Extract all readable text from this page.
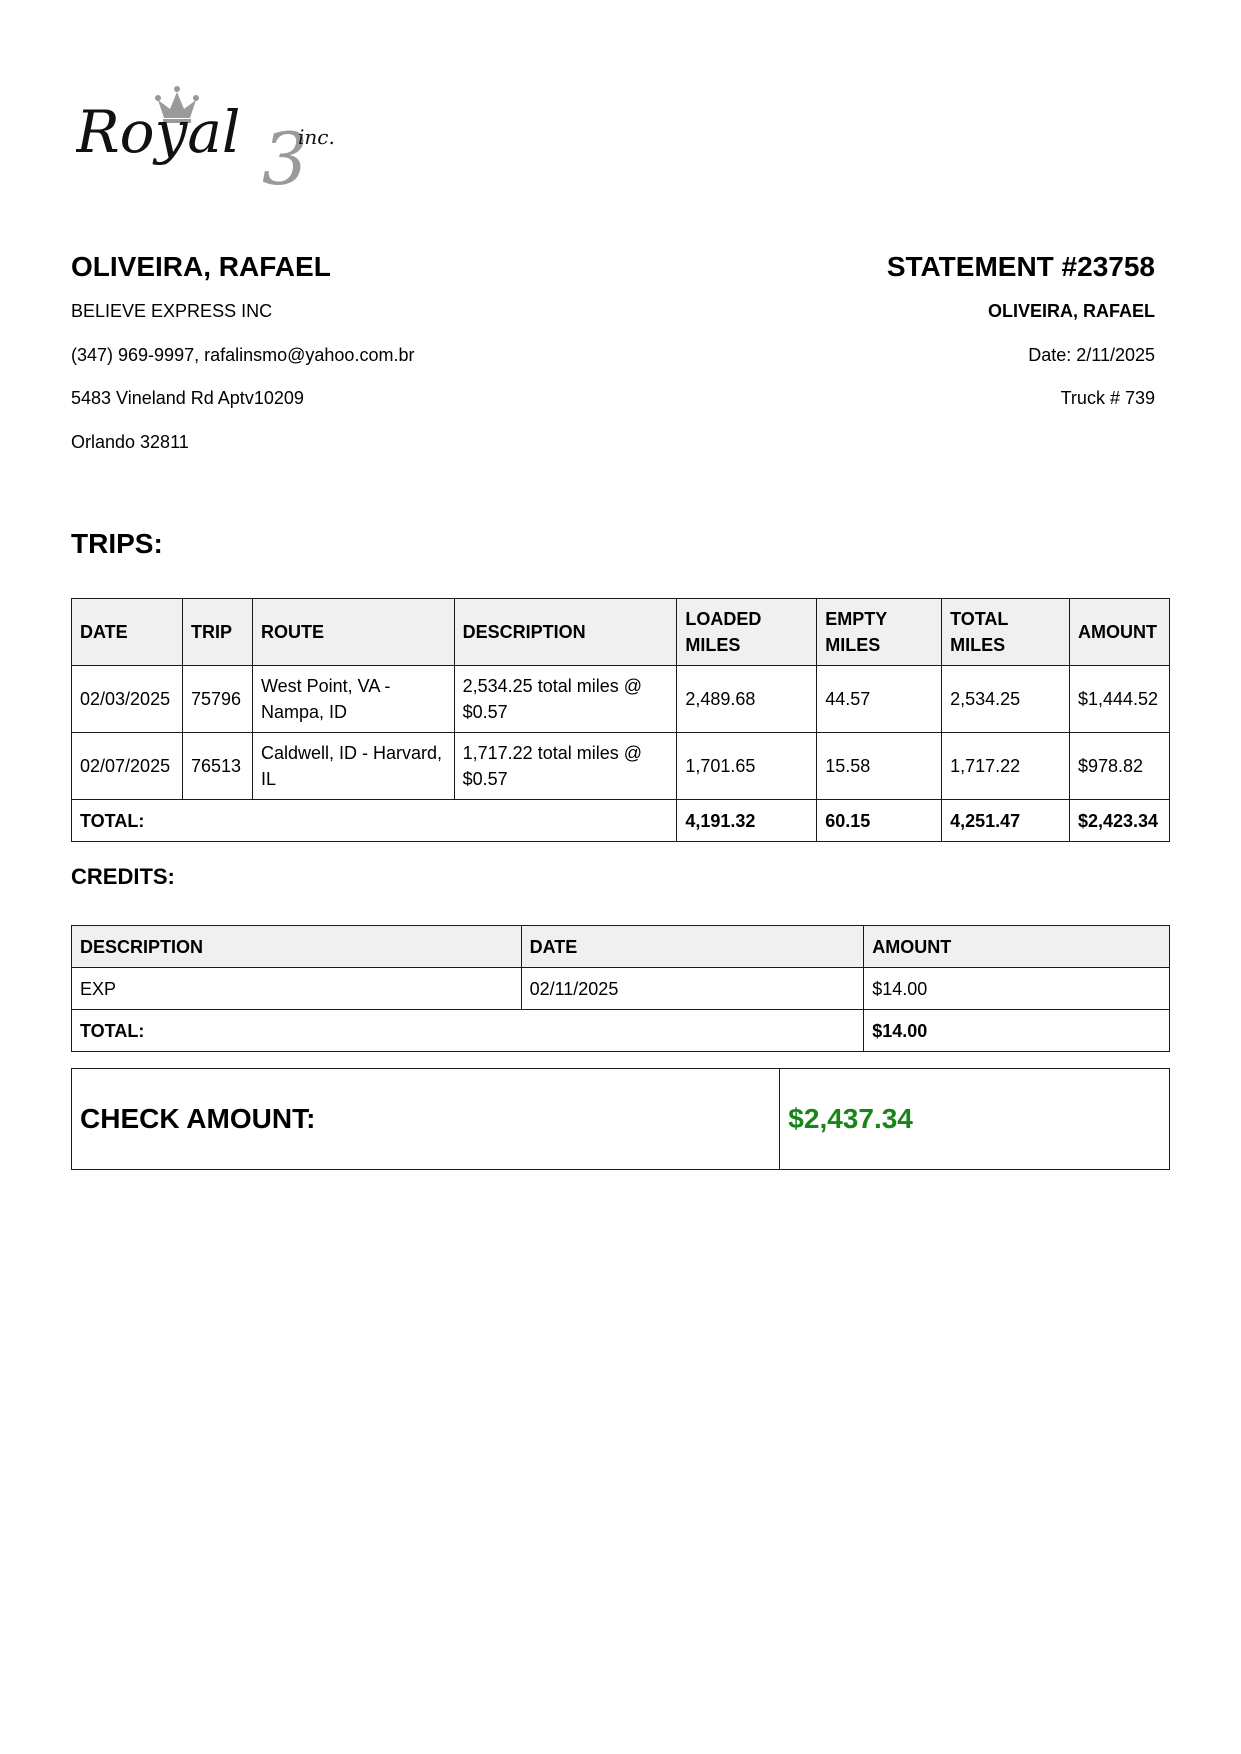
3
Royal	inc.
OLIVEIRA, RAFAEL
BELIEVE EXPRESS INC
(347) 969-9997, rafalinsmo@yahoo.com.br
5483 Vineland Rd Aptv10209
Orlando 32811
STATEMENT #23758
OLIVEIRA, RAFAEL
Date: 2/11/2025
Truck # 739
TRIPS:
DATE	TRIP	ROUTE	DESCRIPTION	LOADED MILES	EMPTY MILES	TOTAL MILES	AMOUNT
02/03/2025	75796	West Point, VA - Nampa, ID	2,534.25 total miles @ $0.57	2,489.68	44.57	2,534.25	$1,444.52
02/07/2025	76513	Caldwell, ID - Harvard, IL	1,717.22 total miles @ $0.57	1,701.65	15.58	1,717.22	$978.82
TOTAL:				4,191.32	60.15	4,251.47	$2,423.34
CREDITS:
DESCRIPTION	DATE	AMOUNT
EXP	02/11/2025	$14.00
TOTAL:		$14.00
CHECK AMOUNT:	$2,437.34
